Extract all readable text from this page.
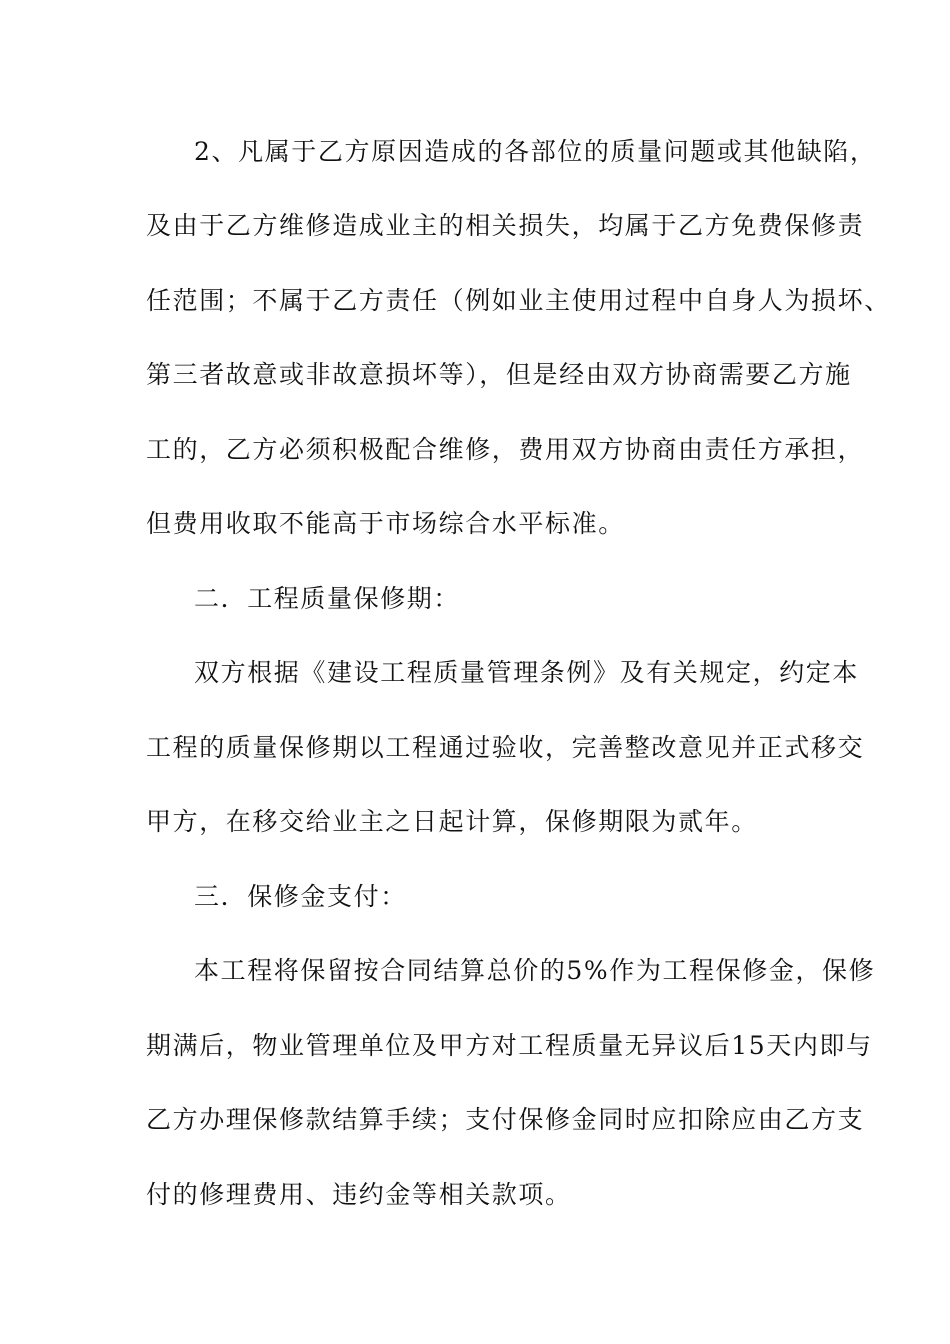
2、凡属于乙方原因造成的各部位的质量问题或其他缺陷，
及由于乙方维修造成业主的相关损失，均属于乙方免费保修责
任范围；不属于乙方责任（例如业主使用过程中自身人为损坏、
第三者故意或非故意损坏等），但是经由双方协商需要乙方施
工的，乙方必须积极配合维修，费用双方协商由责任方承担，
但费用收取不能高于市场综合水平标准。
二．工程质量保修期：
双方根据《建设工程质量管理条例》及有关规定，约定本
工程的质量保修期以工程通过验收，完善整改意见并正式移交
甲方，在移交给业主之日起计算，保修期限为贰年。
三．保修金支付：
本工程将保留按合同结算总价的5%作为工程保修金，保修
期满后，物业管理单位及甲方对工程质量无异议后15天内即与
乙方办理保修款结算手续；支付保修金同时应扣除应由乙方支
付的修理费用、违约金等相关款项。
